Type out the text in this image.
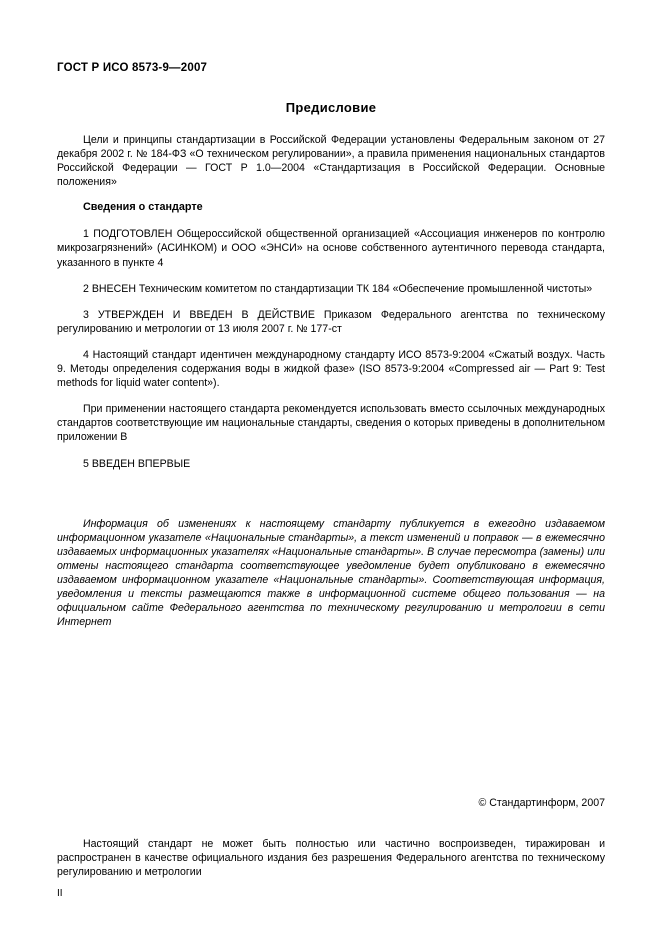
ГОСТ Р ИСО 8573-9—2007
Предисловие

Цели и принципы стандартизации в Российской Федерации установлены Федеральным законом от 27 декабря 2002 г. № 184-ФЗ «О техническом регулировании», а правила применения национальных стандартов Российской Федерации — ГОСТ Р 1.0—2004 «Стандартизация в Российской Федерации. Основные положения»

Сведения о стандарте

1 ПОДГОТОВЛЕН Общероссийской общественной организацией «Ассоциация инженеров по контролю микрозагрязнений» (АСИНКОМ) и ООО «ЭНСИ» на основе собственного аутентичного перевода стандарта, указанного в пункте 4

2 ВНЕСЕН Техническим комитетом по стандартизации ТК 184 «Обеспечение промышленной чистоты»

3 УТВЕРЖДЕН И ВВЕДЕН В ДЕЙСТВИЕ Приказом Федерального агентства по техническому регулированию и метрологии от 13 июля 2007 г. № 177-ст

4 Настоящий стандарт идентичен международному стандарту ИСО 8573-9:2004 «Сжатый воздух. Часть 9. Методы определения содержания воды в жидкой фазе» (ISO 8573-9:2004 «Compressed air — Part 9: Test methods for liquid water content»).

При применении настоящего стандарта рекомендуется использовать вместо ссылочных международных стандартов соответствующие им национальные стандарты, сведения о которых приведены в дополнительном приложении В

5 ВВЕДЕН ВПЕРВЫЕ

Информация об изменениях к настоящему стандарту публикуется в ежегодно издаваемом информационном указателе «Национальные стандарты», а текст изменений и поправок — в ежемесячно издаваемых информационных указателях «Национальные стандарты». В случае пересмотра (замены) или отмены настоящего стандарта соответствующее уведомление будет опубликовано в ежемесячно издаваемом информационном указателе «Национальные стандарты». Соответствующая информация, уведомления и тексты размещаются также в информационной системе общего пользования — на официальном сайте Федерального агентства по техническому регулированию и метрологии в сети Интернет

© Стандартинформ, 2007

Настоящий стандарт не может быть полностью или частично воспроизведен, тиражирован и распространен в качестве официального издания без разрешения Федерального агентства по техническому регулированию и метрологии

II
